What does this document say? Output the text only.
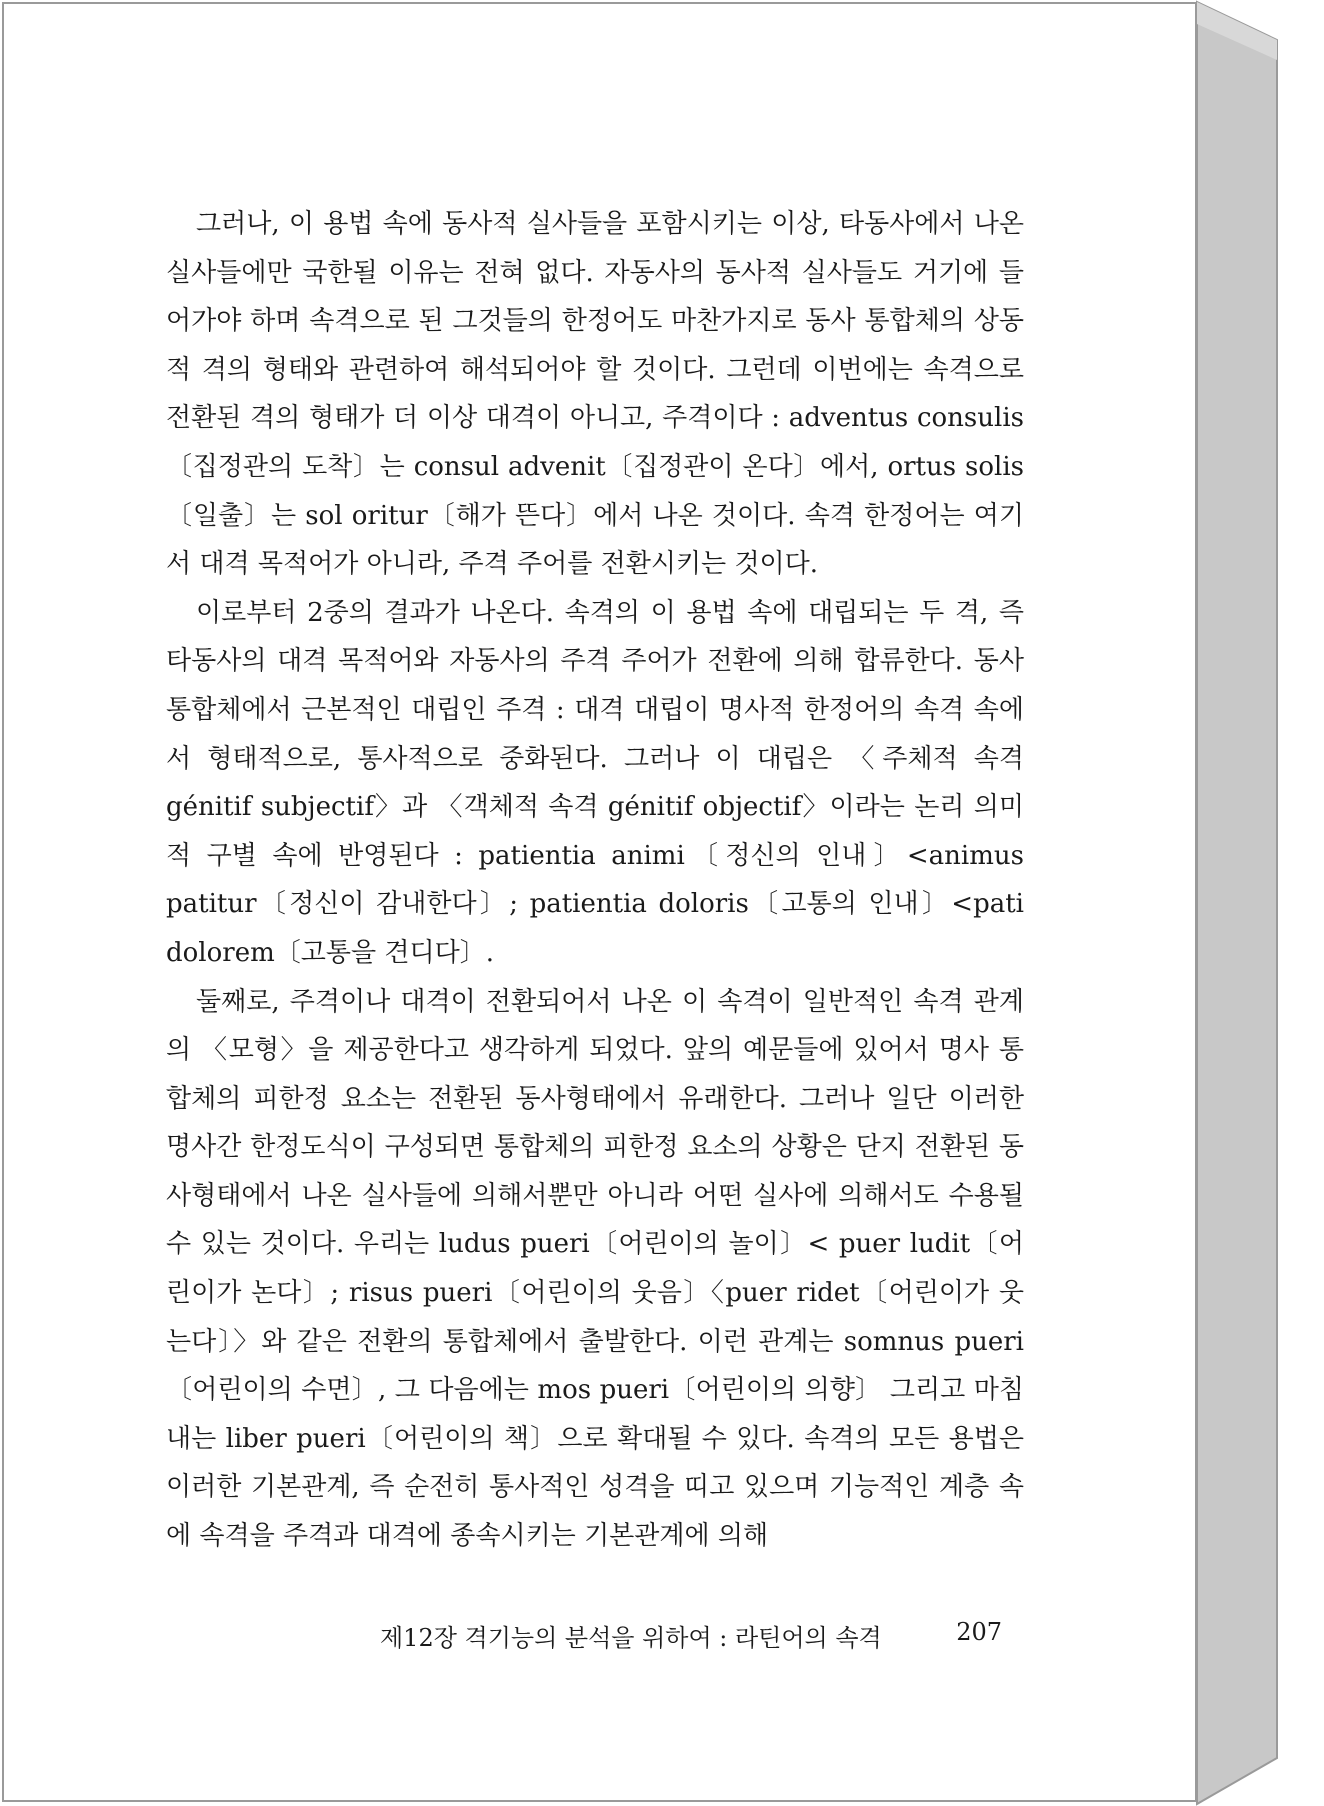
그러나, 이 용법 속에 동사적 실사들을 포함시키는 이상, 타동사에서 나온 실사들에만 국한될 이유는 전혀 없다. 자동사의 동사적 실사들도 거기에 들어가야 하며 속격으로 된 그것들의 한정어도 마찬가지로 동사 통합체의 상동적 격의 형태와 관련하여 해석되어야 할 것이다. 그런데 이번에는 속격으로 전환된 격의 형태가 더 이상 대격이 아니고, 주격이다 : adventus consulis〔집정관의 도착〕는 consul advenit〔집정관이 온다〕에서, ortus solis〔일출〕는 sol oritur〔해가 뜬다〕에서 나온 것이다. 속격 한정어는 여기서 대격 목적어가 아니라, 주격 주어를 전환시키는 것이다.

이로부터 2중의 결과가 나온다. 속격의 이 용법 속에 대립되는 두 격, 즉 타동사의 대격 목적어와 자동사의 주격 주어가 전환에 의해 합류한다. 동사 통합체에서 근본적인 대립인 주격 : 대격 대립이 명사적 한정어의 속격 속에서 형태적으로, 통사적으로 중화된다. 그러나 이 대립은 〈주체적 속격 génitif subjectif〉과 〈객체적 속격 génitif objectif〉이라는 논리 의미적 구별 속에 반영된다 : patientia animi〔정신의 인내〕<animus patitur〔정신이 감내한다〕; patientia doloris〔고통의 인내〕<pati dolorem〔고통을 견디다〕.

둘째로, 주격이나 대격이 전환되어서 나온 이 속격이 일반적인 속격 관계의 〈모형〉을 제공한다고 생각하게 되었다. 앞의 예문들에 있어서 명사 통합체의 피한정 요소는 전환된 동사형태에서 유래한다. 그러나 일단 이러한 명사간 한정도식이 구성되면 통합체의 피한정 요소의 상황은 단지 전환된 동사형태에서 나온 실사들에 의해서뿐만 아니라 어떤 실사에 의해서도 수용될 수 있는 것이다. 우리는 ludus pueri〔어린이의 놀이〕< puer ludit〔어린이가 논다〕; risus pueri〔어린이의 웃음〕〈puer ridet〔어린이가 웃는다〕〉와 같은 전환의 통합체에서 출발한다. 이런 관계는 somnus pueri〔어린이의 수면〕, 그 다음에는 mos pueri〔어린이의 의향〕 그리고 마침내는 liber pueri〔어린이의 책〕으로 확대될 수 있다. 속격의 모든 용법은 이러한 기본관계, 즉 순전히 통사적인 성격을 띠고 있으며 기능적인 계층 속에 속격을 주격과 대격에 종속시키는 기본관계에 의해

제12장 격기능의 분석을 위하여 : 라틴어의 속격	207
